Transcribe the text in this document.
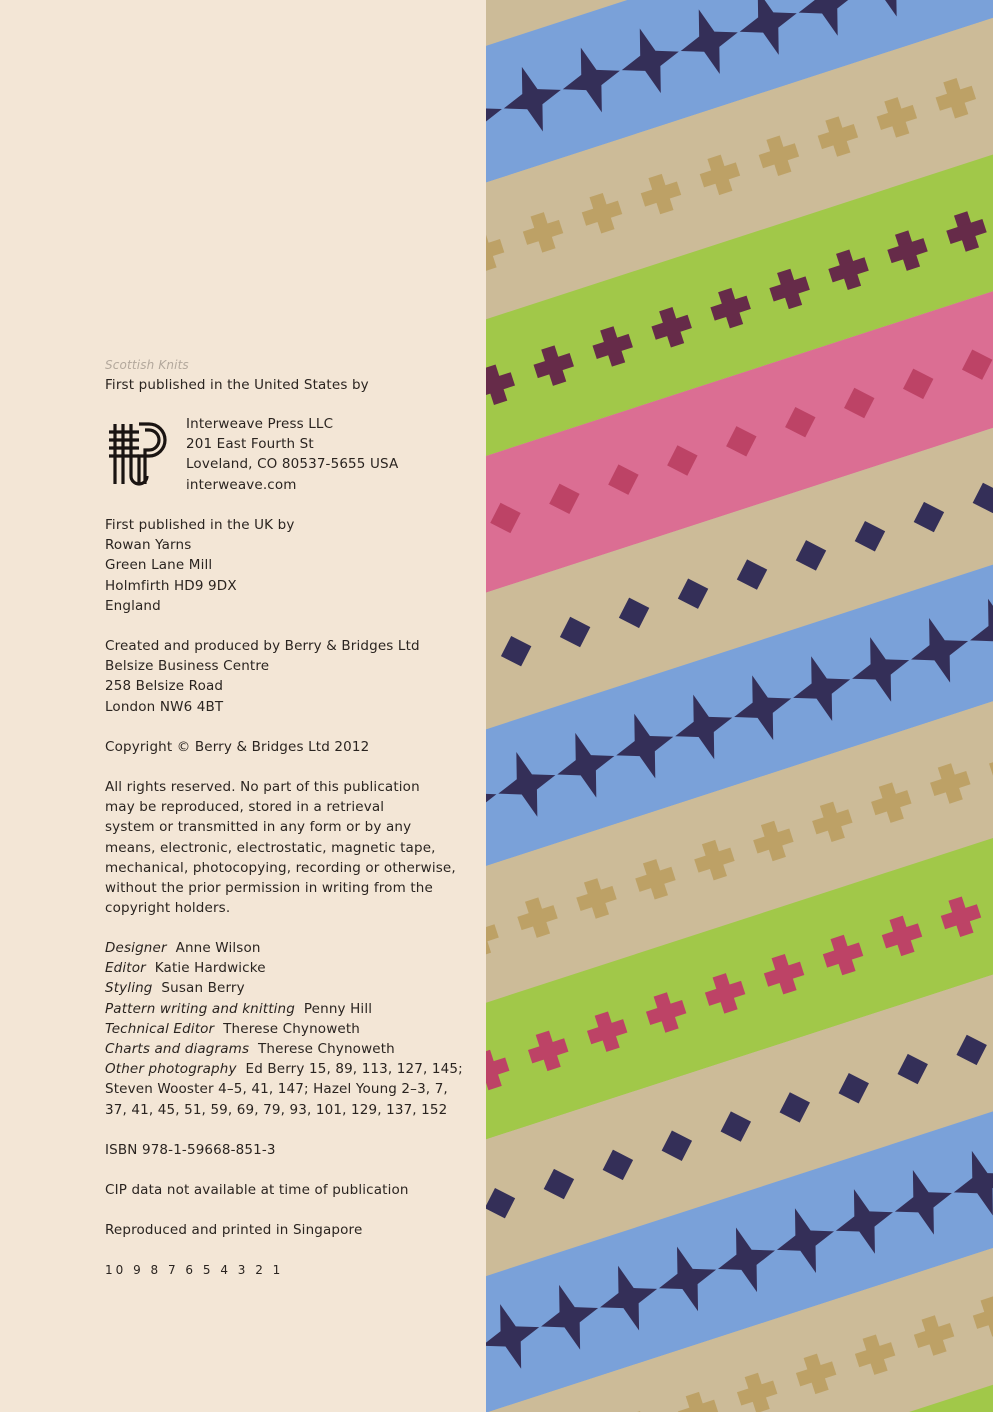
Scottish Knits
First published in the United States by
Interweave Press LLC
201 East Fourth St
Loveland, CO 80537-5655 USA
interweave.com
First published in the UK by
Rowan Yarns
Green Lane Mill
Holmfirth HD9 9DX
England
Created and produced by Berry & Bridges Ltd
Belsize Business Centre
258 Belsize Road
London NW6 4BT
Copyright © Berry & Bridges Ltd 2012
All rights reserved. No part of this publication
may be reproduced, stored in a retrieval
system or transmitted in any form or by any
means, electronic, electrostatic, magnetic tape,
mechanical, photocopying, recording or otherwise,
without the prior permission in writing from the
copyright holders.
Designer Anne Wilson
Editor Katie Hardwicke
Styling Susan Berry
Pattern writing and knitting Penny Hill
Technical Editor Therese Chynoweth
Charts and diagrams Therese Chynoweth
Other photography Ed Berry 15, 89, 113, 127, 145;
Steven Wooster 4–5, 41, 147; Hazel Young 2–3, 7,
37, 41, 45, 51, 59, 69, 79, 93, 101, 129, 137, 152
ISBN 978-1-59668-851-3
CIP data not available at time of publication
Reproduced and printed in Singapore
10 9 8 7 6 5 4 3 2 1
